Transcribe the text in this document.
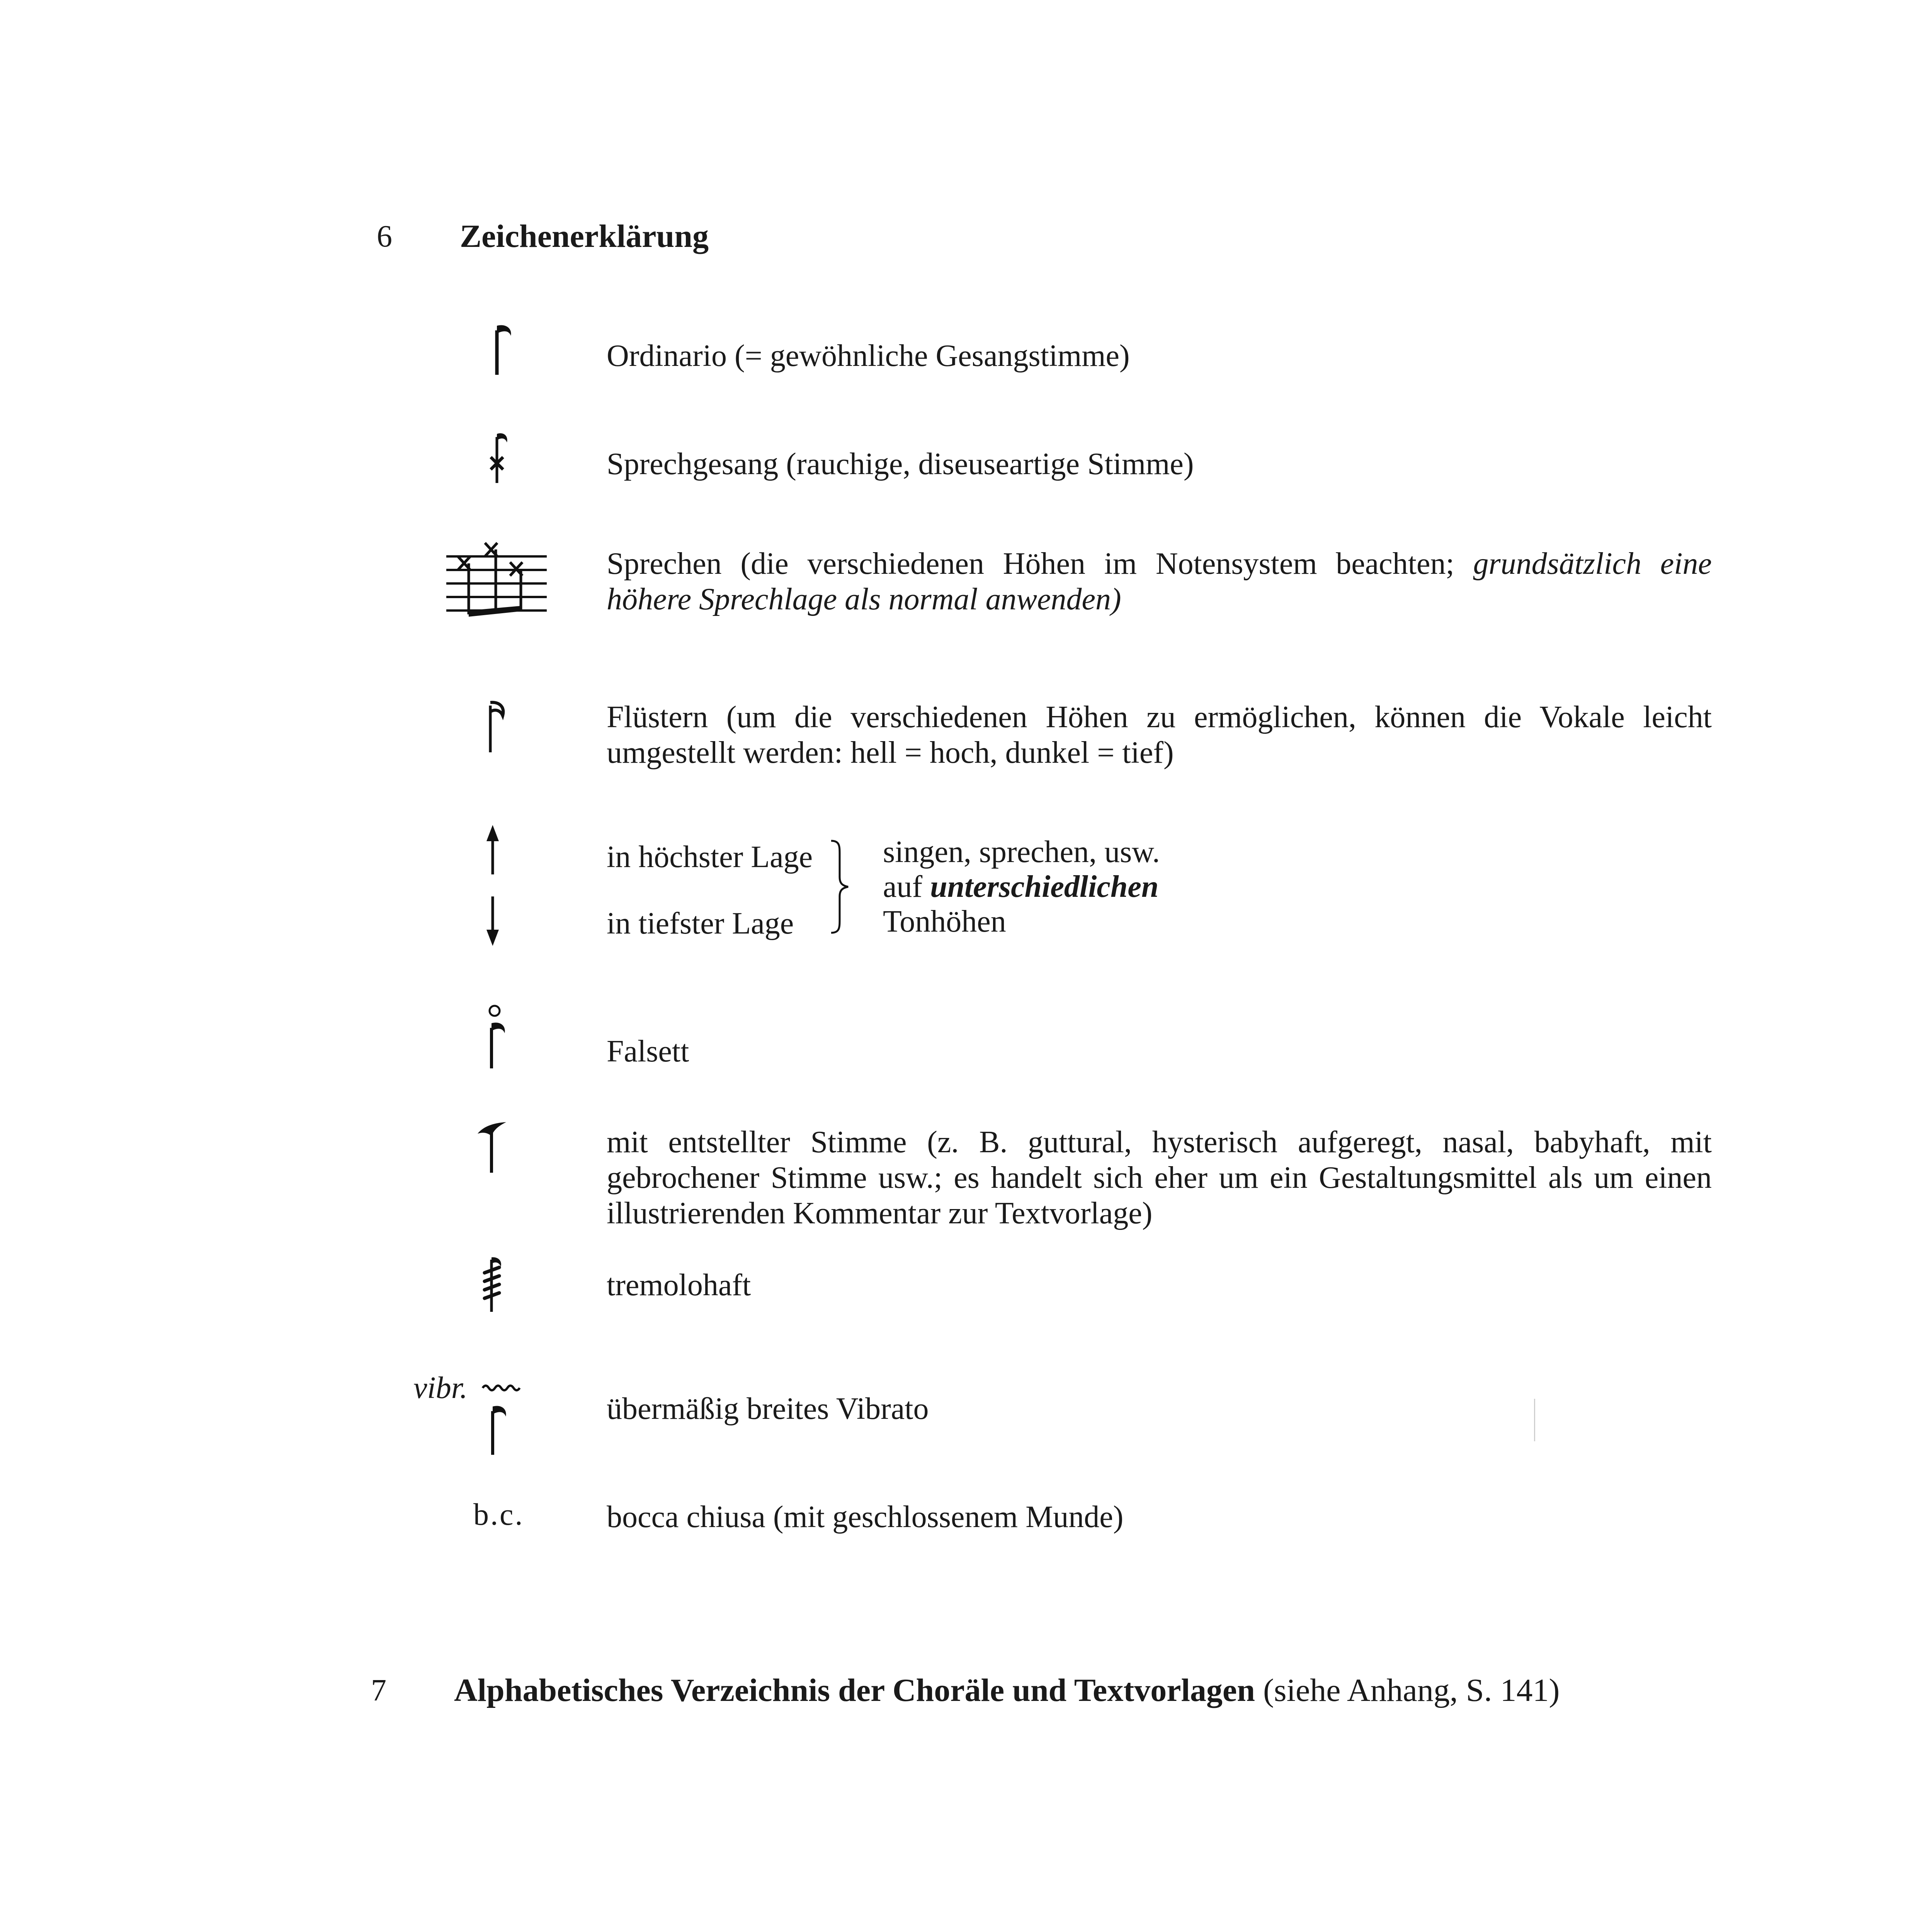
6 Zeichenerklärung
Ordinario (= gewöhnliche Gesangstimme)
Sprechgesang (rauchige, diseuseartige Stimme)
Sprechen (die verschiedenen Höhen im Notensystem beachten; grundsätzlich eine höhere Sprechlage als normal anwenden)
Flüstern (um die verschiedenen Höhen zu ermöglichen, können die Vokale leicht umgestellt werden: hell = hoch, dunkel = tief)
in höchster Lage
in tiefster Lage
singen, sprechen, usw.
auf unterschiedlichen
Tonhöhen
Falsett
mit entstellter Stimme (z. B. guttural, hysterisch aufgeregt, nasal, babyhaft, mit gebrochener Stimme usw.; es handelt sich eher um ein Gestaltungsmittel als um einen illustrierenden Kommentar zur Textvorlage)
tremolohaft
vibr.
übermäßig breites Vibrato
b.c.	bocca chiusa (mit geschlossenem Munde)
7 Alphabetisches Verzeichnis der Choräle und Textvorlagen (siehe Anhang, S. 141)
